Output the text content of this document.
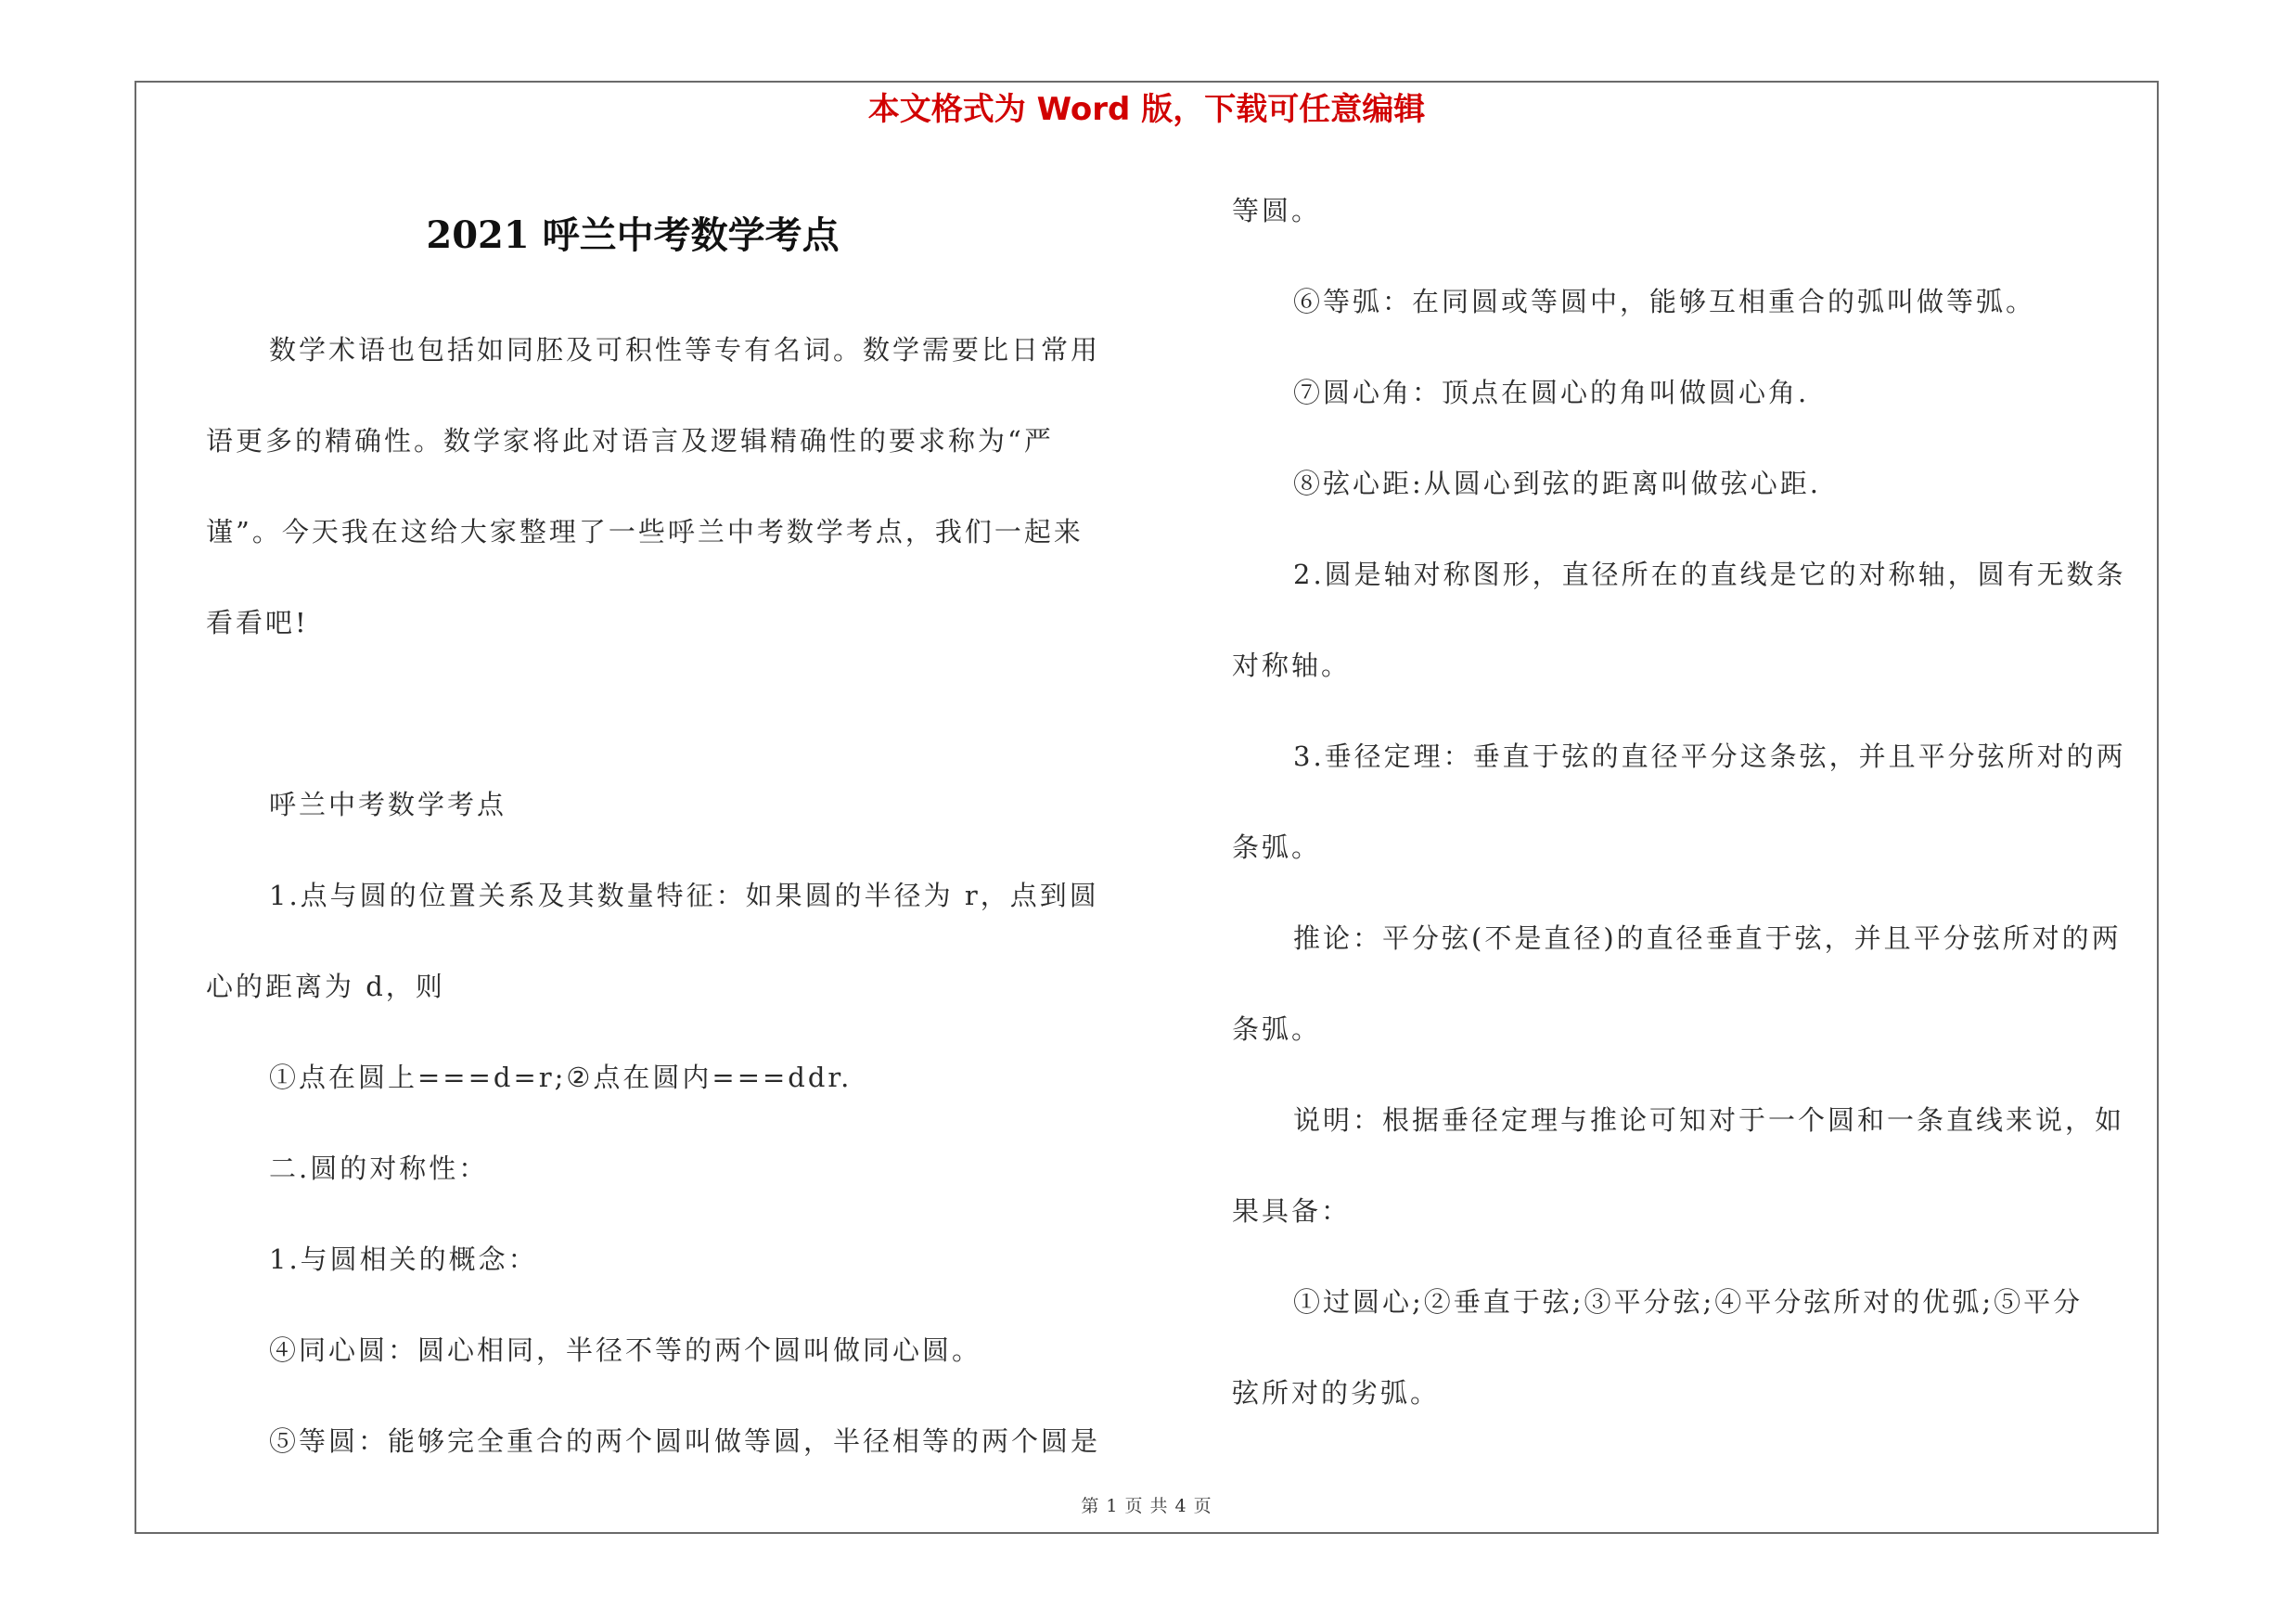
本文格式为 Word 版，下载可任意编辑
2021 呼兰中考数学考点
数学术语也包括如同胚及可积性等专有名词。数学需要比日常用
语更多的精确性。数学家将此对语言及逻辑精确性的要求称为“严
谨”。今天我在这给大家整理了一些呼兰中考数学考点，我们一起来
看看吧!
呼兰中考数学考点
1.点与圆的位置关系及其数量特征：如果圆的半径为 r，点到圆
心的距离为 d，则
①点在圆上===d=r;②点在圆内===ddr.
二.圆的对称性：
1.与圆相关的概念：
④同心圆：圆心相同，半径不等的两个圆叫做同心圆。
⑤等圆：能够完全重合的两个圆叫做等圆，半径相等的两个圆是
等圆。
⑥等弧：在同圆或等圆中，能够互相重合的弧叫做等弧。
⑦圆心角：顶点在圆心的角叫做圆心角.
⑧弦心距:从圆心到弦的距离叫做弦心距.
2.圆是轴对称图形，直径所在的直线是它的对称轴，圆有无数条
对称轴。
3.垂径定理：垂直于弦的直径平分这条弦，并且平分弦所对的两
条弧。
推论：平分弦(不是直径)的直径垂直于弦，并且平分弦所对的两
条弧。
说明：根据垂径定理与推论可知对于一个圆和一条直线来说，如
果具备：
①过圆心;②垂直于弦;③平分弦;④平分弦所对的优弧;⑤平分
弦所对的劣弧。
第 1 页 共 4 页
